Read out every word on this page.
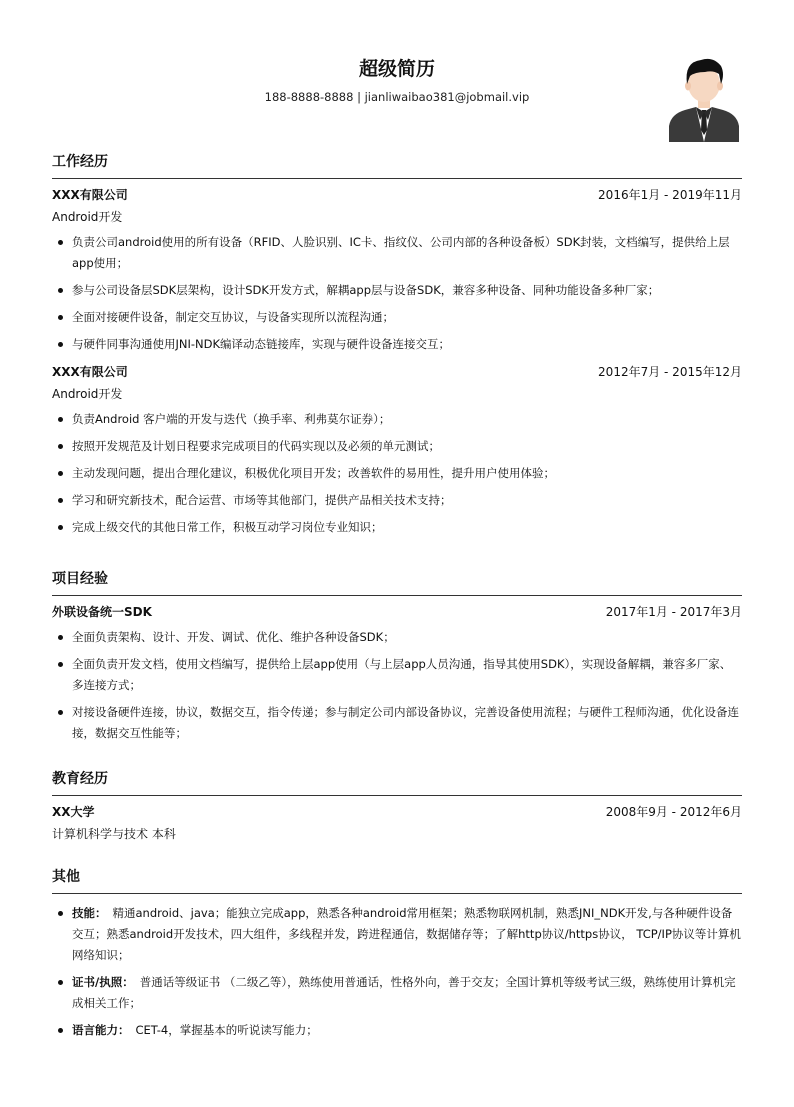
超级简历
188-8888-8888 | jianliwaibao381@jobmail.vip
工作经历
XXX有限公司	2016年1月 - 2019年11月
Android开发
负责公司android使用的所有设备（RFID、人脸识别、IC卡、指纹仪、公司内部的各种设备板）SDK封装，文档编写，提供给上层app使用；
参与公司设备层SDK层架构，设计SDK开发方式，解耦app层与设备SDK，兼容多种设备、同种功能设备多种厂家；
全面对接硬件设备，制定交互协议，与设备实现所以流程沟通；
与硬件同事沟通使用JNI-NDK编译动态链接库，实现与硬件设备连接交互；
XXX有限公司	2012年7月 - 2015年12月
Android开发
负责Android 客户端的开发与迭代（换手率、利弗莫尔证券）；
按照开发规范及计划日程要求完成项目的代码实现以及必须的单元测试；
主动发现问题，提出合理化建议，积极优化项目开发；改善软件的易用性，提升用户使用体验；
学习和研究新技术，配合运营、市场等其他部门，提供产品相关技术支持；
完成上级交代的其他日常工作，积极互动学习岗位专业知识；
项目经验
外联设备统一SDK	2017年1月 - 2017年3月
全面负责架构、设计、开发、调试、优化、维护各种设备SDK；
全面负责开发文档，使用文档编写，提供给上层app使用（与上层app人员沟通，指导其使用SDK），实现设备解耦，兼容多厂家、多连接方式；
对接设备硬件连接，协议，数据交互，指令传递；参与制定公司内部设备协议，完善设备使用流程；与硬件工程师沟通，优化设备连接，数据交互性能等；
教育经历
XX大学	2008年9月 - 2012年6月
计算机科学与技术 本科
其他
技能： 精通android、java；能独立完成app，熟悉各种android常用框架；熟悉物联网机制，熟悉JNI_NDK开发,与各种硬件设备交互；熟悉android开发技术，四大组件，多线程并发，跨进程通信，数据储存等；了解http协议/https协议， TCP/IP协议等计算机网络知识；
证书/执照： 普通话等级证书 （二级乙等），熟练使用普通话，性格外向，善于交友；全国计算机等级考试三级，熟练使用计算机完成相关工作；
语言能力： CET-4，掌握基本的听说读写能力；
